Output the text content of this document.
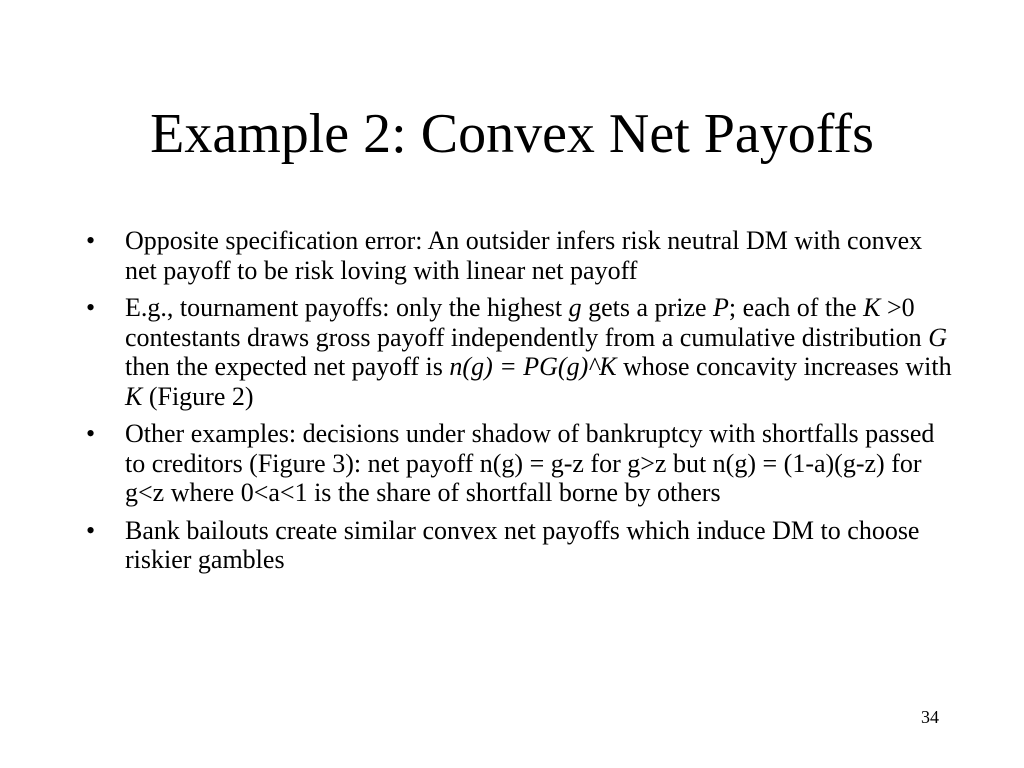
Example 2: Convex Net Payoffs
• Opposite specification error: An outsider infers risk neutral DM with convex net payoff to be risk loving with linear net payoff
• E.g., tournament payoffs: only the highest g gets a prize P; each of the K >0 contestants draws gross payoff independently from a cumulative distribution G then the expected net payoff is n(g) = PG(g)^K whose concavity increases with K (Figure 2)
• Other examples: decisions under shadow of bankruptcy with shortfalls passed to creditors (Figure 3): net payoff n(g) = g-z for g>z but n(g) = (1-a)(g-z) for g<z where 0<a<1 is the share of shortfall borne by others
• Bank bailouts create similar convex net payoffs which induce DM to choose riskier gambles
34
